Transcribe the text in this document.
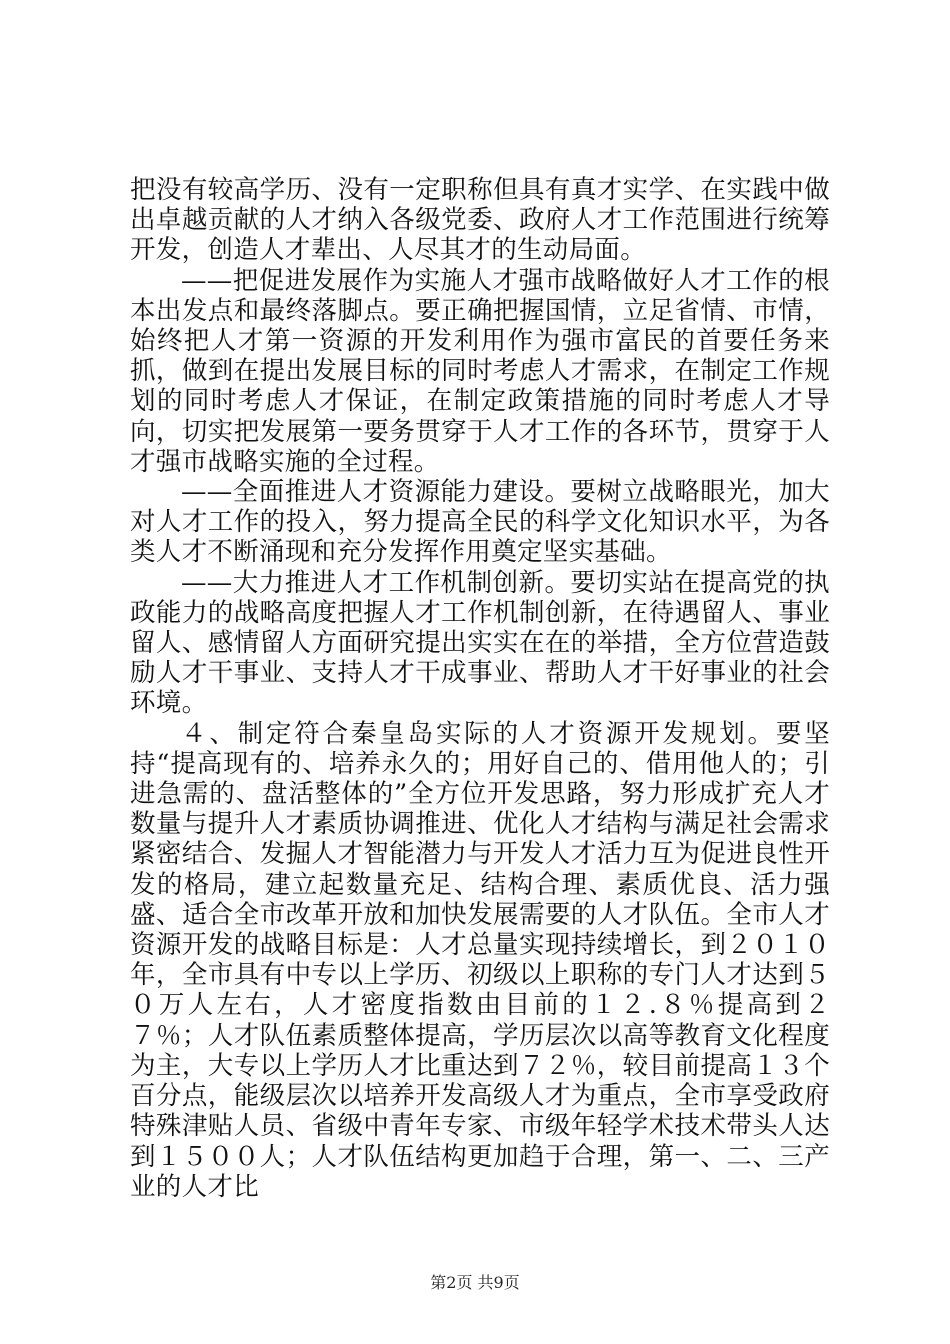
把没有较高学历、没有一定职称但具有真才实学、在实践中做出卓越贡献的人才纳入各级党委、政府人才工作范围进行统筹开发，创造人才辈出、人尽其才的生动局面。

——把促进发展作为实施人才强市战略做好人才工作的根本出发点和最终落脚点。要正确把握国情，立足省情、市情，始终把人才第一资源的开发利用作为强市富民的首要任务来抓，做到在提出发展目标的同时考虑人才需求，在制定工作规划的同时考虑人才保证，在制定政策措施的同时考虑人才导向，切实把发展第一要务贯穿于人才工作的各环节，贯穿于人才强市战略实施的全过程。

——全面推进人才资源能力建设。要树立战略眼光，加大对人才工作的投入，努力提高全民的科学文化知识水平，为各类人才不断涌现和充分发挥作用奠定坚实基础。

——大力推进人才工作机制创新。要切实站在提高党的执政能力的战略高度把握人才工作机制创新，在待遇留人、事业留人、感情留人方面研究提出实实在在的举措，全方位营造鼓励人才干事业、支持人才干成事业、帮助人才干好事业的社会环境。

４、制定符合秦皇岛实际的人才资源开发规划。要坚持“提高现有的、培养永久的；用好自己的、借用他人的；引进急需的、盘活整体的”全方位开发思路，努力形成扩充人才数量与提升人才素质协调推进、优化人才结构与满足社会需求紧密结合、发掘人才智能潜力与开发人才活力互为促进良性开发的格局，建立起数量充足、结构合理、素质优良、活力强盛、适合全市改革开放和加快发展需要的人才队伍。全市人才资源开发的战略目标是：人才总量实现持续增长，到２０１０年，全市具有中专以上学历、初级以上职称的专门人才达到５０万人左右，人才密度指数由目前的１２.８％提高到２７％；人才队伍素质整体提高，学历层次以高等教育文化程度为主，大专以上学历人才比重达到７２％，较目前提高１３个百分点，能级层次以培养开发高级人才为重点，全市享受政府特殊津贴人员、省级中青年专家、市级年轻学术技术带头人达到１５００人；人才队伍结构更加趋于合理，第一、二、三产业的人才比

第2页 共9页
